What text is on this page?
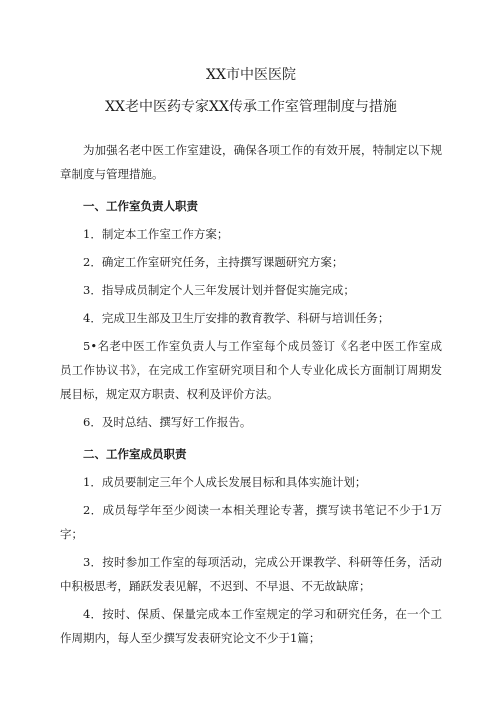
XX市中医医院
XX老中医药专家XX传承工作室管理制度与措施

为加强名老中医工作室建设，确保各项工作的有效开展，特制定以下规章制度与管理措施。

一、工作室负责人职责

1．制定本工作室工作方案；

2．确定工作室研究任务，主持撰写课题研究方案；

3．指导成员制定个人三年发展计划并督促实施完成；

4．完成卫生部及卫生厅安排的教育教学、科研与培训任务；

5•名老中医工作室负责人与工作室每个成员签订《名老中医工作室成员工作协议书》，在完成工作室研究项目和个人专业化成长方面制订周期发展目标，规定双方职责、权利及评价方法。

6．及时总结、撰写好工作报告。

二、工作室成员职责

1．成员要制定三年个人成长发展目标和具体实施计划；

2．成员每学年至少阅读一本相关理论专著，撰写读书笔记不少于1万字；

3．按时参加工作室的每项活动，完成公开课教学、科研等任务，活动中积极思考，踊跃发表见解，不迟到、不早退、不无故缺席；

4．按时、保质、保量完成本工作室规定的学习和研究任务，在一个工作周期内，每人至少撰写发表研究论文不少于1篇；
